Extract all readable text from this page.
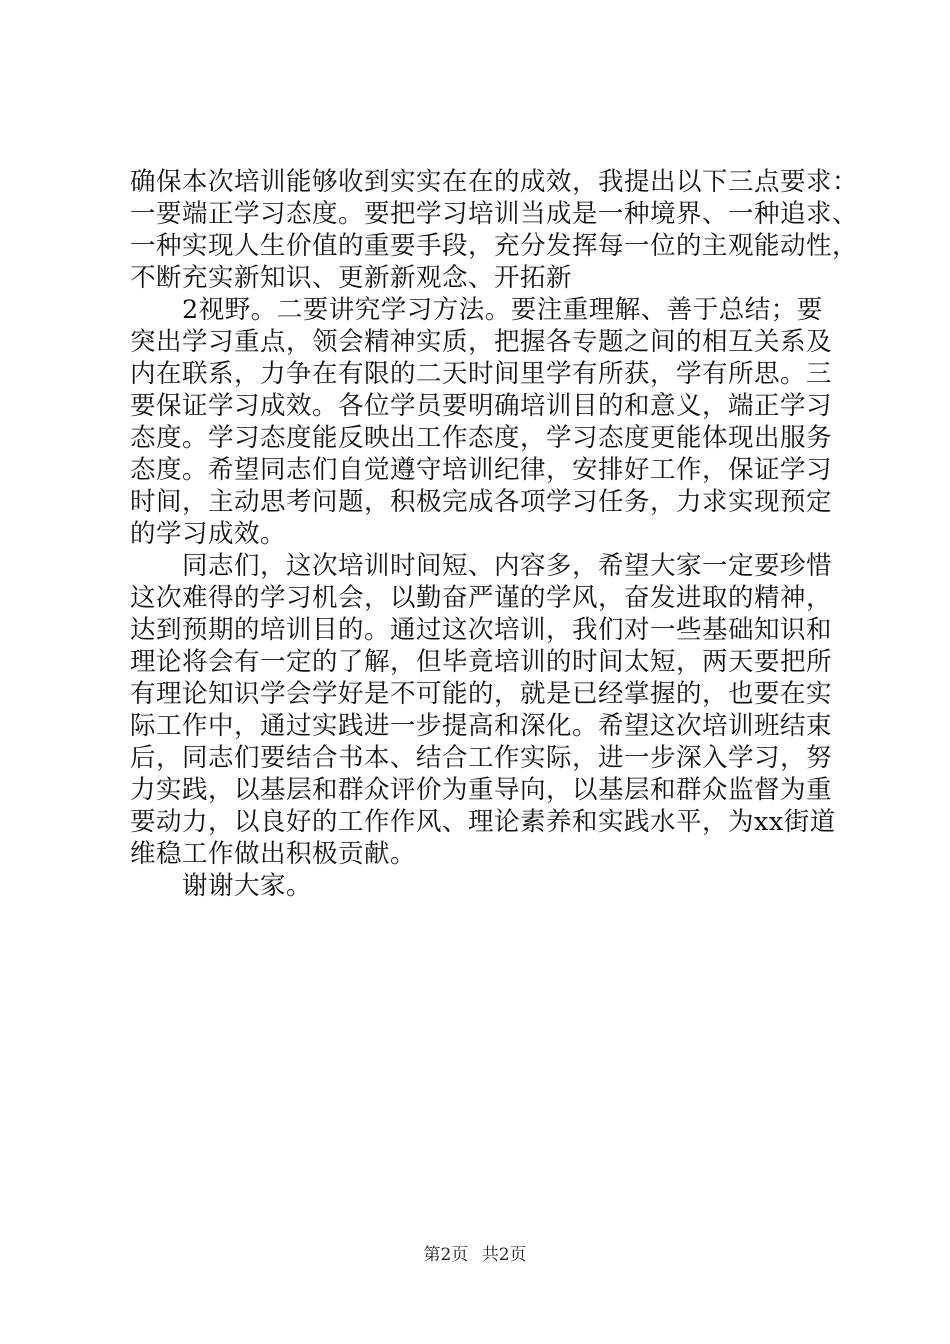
确保本次培训能够收到实实在在的成效，我提出以下三点要求：
一要端正学习态度。要把学习培训当成是一种境界、一种追求、
一种实现人生价值的重要手段，充分发挥每一位的主观能动性，
不断充实新知识、更新新观念、开拓新
2视野。二要讲究学习方法。要注重理解、善于总结；要
突出学习重点，领会精神实质，把握各专题之间的相互关系及
内在联系，力争在有限的二天时间里学有所获，学有所思。三
要保证学习成效。各位学员要明确培训目的和意义，端正学习
态度。学习态度能反映出工作态度，学习态度更能体现出服务
态度。希望同志们自觉遵守培训纪律，安排好工作，保证学习
时间，主动思考问题，积极完成各项学习任务，力求实现预定
的学习成效。
同志们，这次培训时间短、内容多，希望大家一定要珍惜
这次难得的学习机会，以勤奋严谨的学风，奋发进取的精神，
达到预期的培训目的。通过这次培训，我们对一些基础知识和
理论将会有一定的了解，但毕竟培训的时间太短，两天要把所
有理论知识学会学好是不可能的，就是已经掌握的，也要在实
际工作中，通过实践进一步提高和深化。希望这次培训班结束
后，同志们要结合书本、结合工作实际，进一步深入学习，努
力实践，以基层和群众评价为重导向，以基层和群众监督为重
要动力，以良好的工作作风、理论素养和实践水平，为xx街道
维稳工作做出积极贡献。
谢谢大家。
第2页 共2页
